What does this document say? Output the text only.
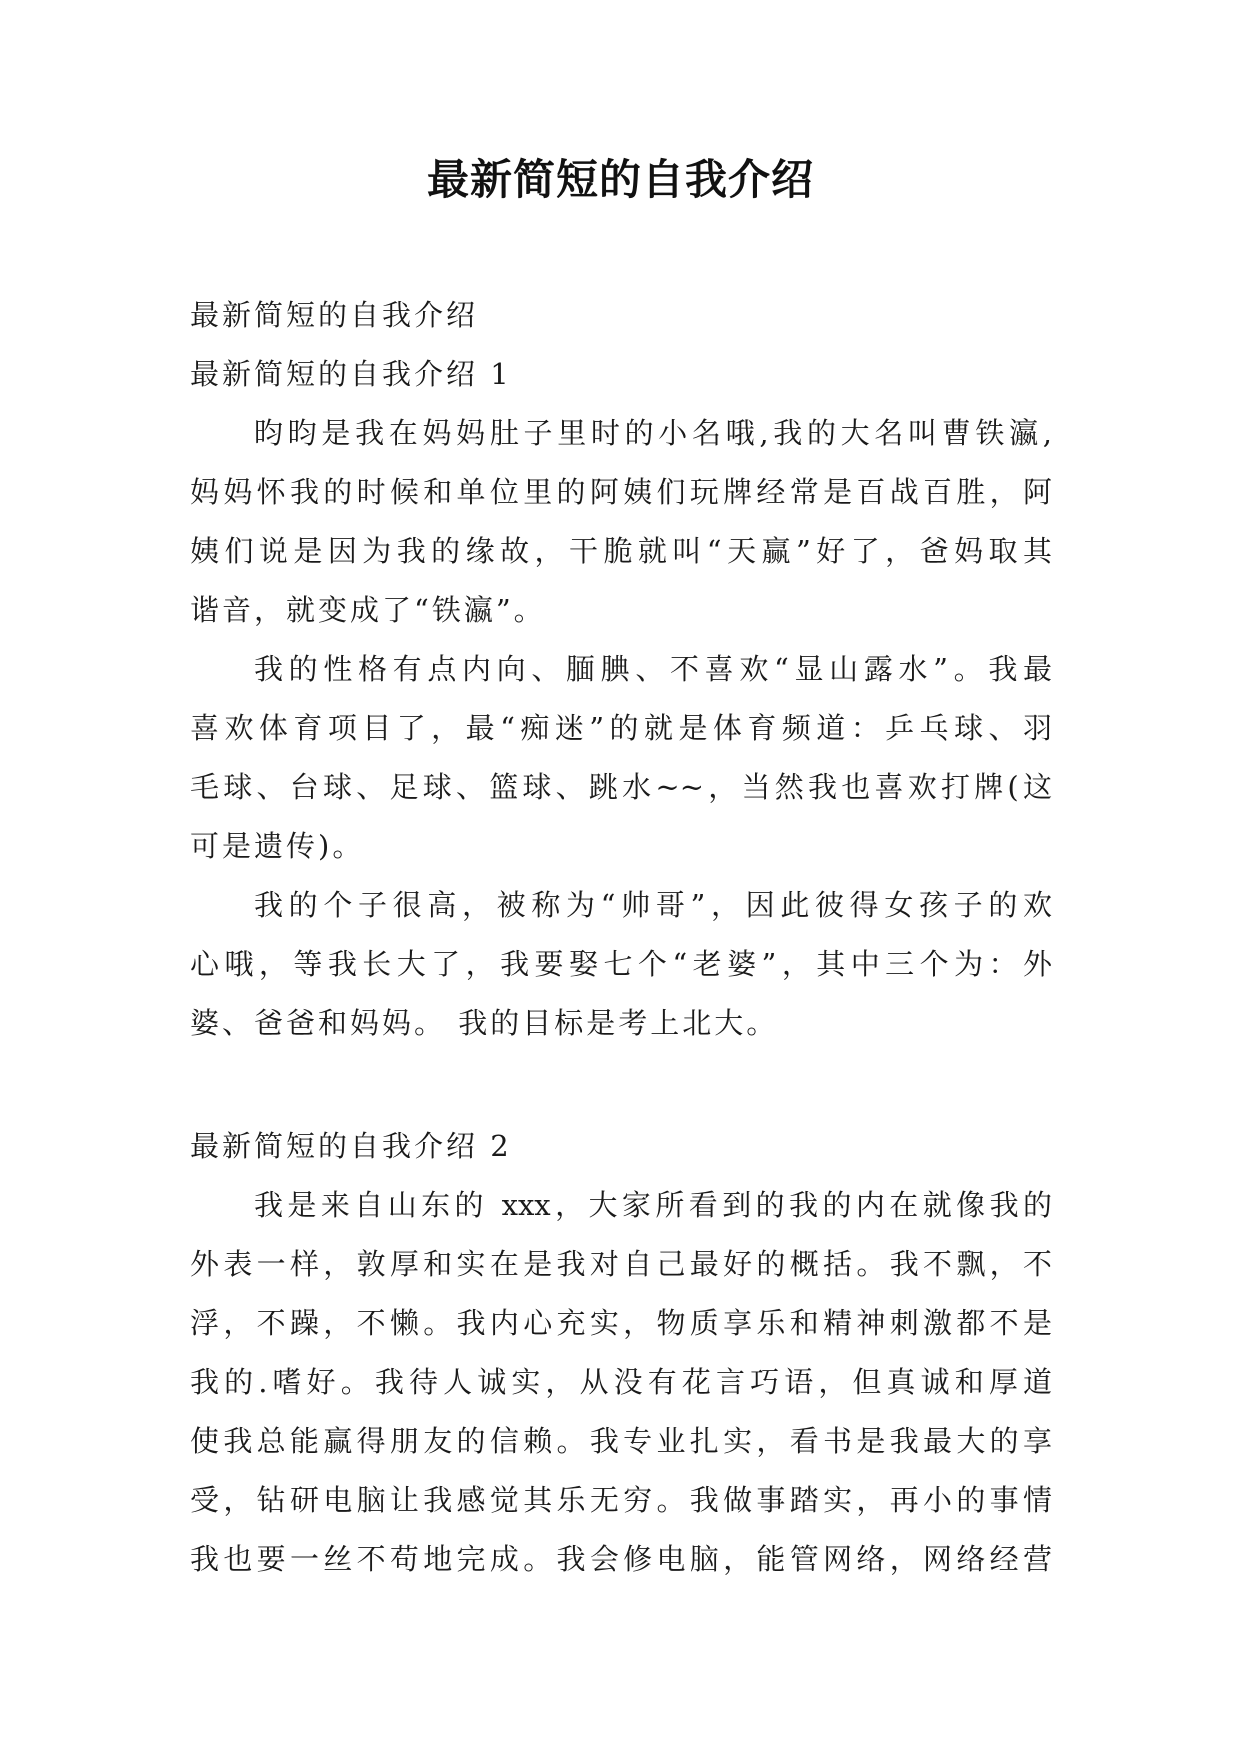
最新简短的自我介绍
最新简短的自我介绍
最新简短的自我介绍 1
昀昀是我在妈妈肚子里时的小名哦,我的大名叫曹铁瀛,
妈妈怀我的时候和单位里的阿姨们玩牌经常是百战百胜，阿
姨们说是因为我的缘故，干脆就叫“天赢”好了，爸妈取其
谐音，就变成了“铁瀛”。
我的性格有点内向、腼腆、不喜欢“显山露水”。我最
喜欢体育项目了，最“痴迷”的就是体育频道：乒乓球、羽
毛球、台球、足球、篮球、跳水~~，当然我也喜欢打牌(这
可是遗传)。
我的个子很高，被称为“帅哥”，因此彼得女孩子的欢
心哦，等我长大了，我要娶七个“老婆”，其中三个为：外
婆、爸爸和妈妈。 我的目标是考上北大。
最新简短的自我介绍 2
我是来自山东的 xxx，大家所看到的我的内在就像我的
外表一样，敦厚和实在是我对自己最好的概括。我不飘，不
浮，不躁，不懒。我内心充实，物质享乐和精神刺激都不是
我的.嗜好。我待人诚实，从没有花言巧语，但真诚和厚道
使我总能赢得朋友的信赖。我专业扎实，看书是我最大的享
受，钻研电脑让我感觉其乐无穷。我做事踏实，再小的事情
我也要一丝不苟地完成。我会修电脑，能管网络，网络经营
